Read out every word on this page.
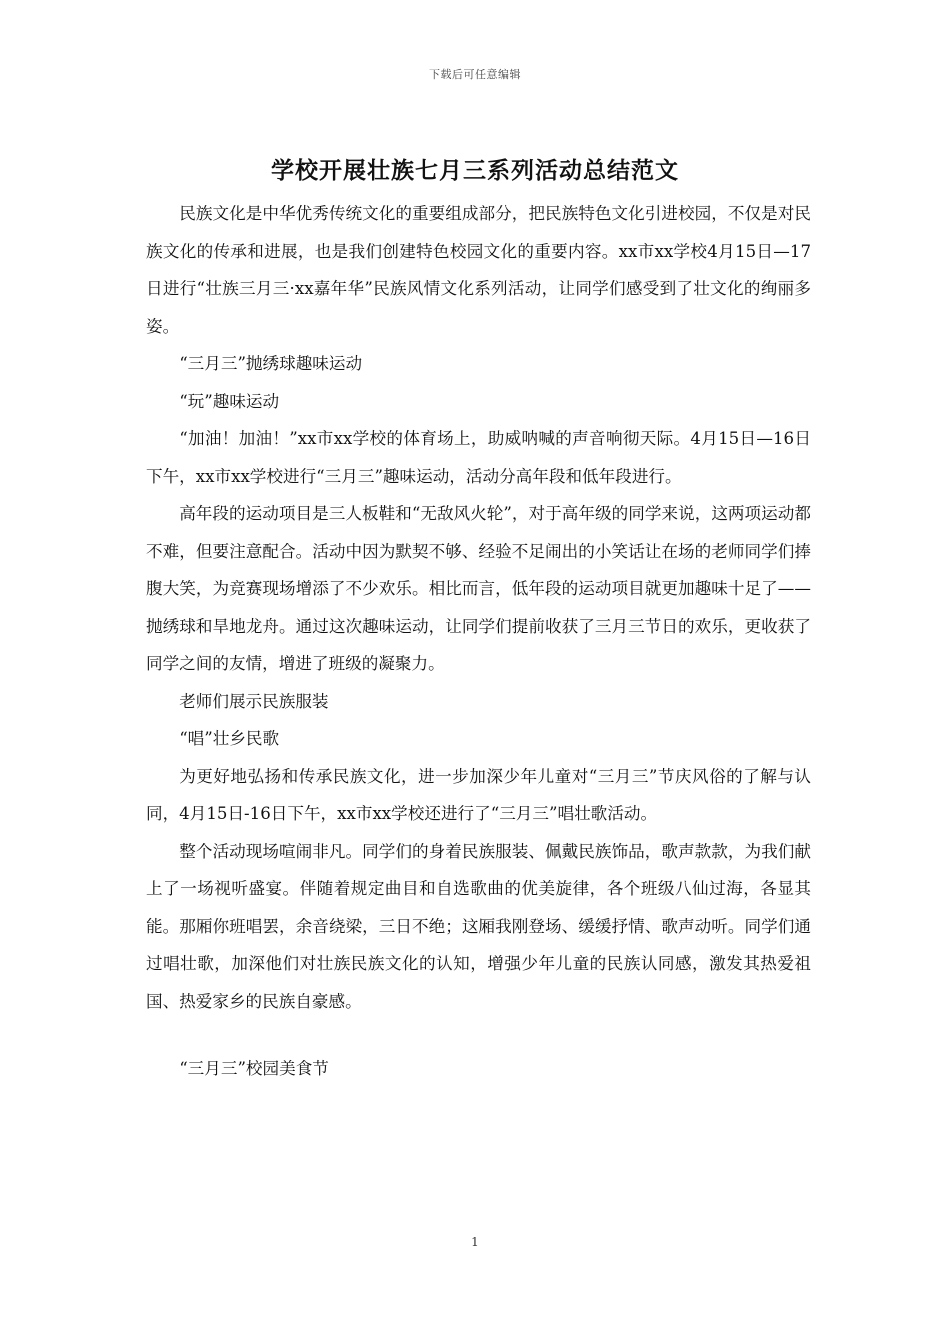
下载后可任意编辑
学校开展壮族七月三系列活动总结范文

民族文化是中华优秀传统文化的重要组成部分，把民族特色文化引进校园，不仅是对民族文化的传承和进展，也是我们创建特色校园文化的重要内容。xx市xx学校4月15日—17日进行“壮族三月三·xx嘉年华”民族风情文化系列活动，让同学们感受到了壮文化的绚丽多姿。

“三月三”抛绣球趣味运动

“玩”趣味运动

“加油！加油！”xx市xx学校的体育场上，助威呐喊的声音响彻天际。4月15日—16日下午，xx市xx学校进行“三月三”趣味运动，活动分高年段和低年段进行。

高年段的运动项目是三人板鞋和“无敌风火轮”，对于高年级的同学来说，这两项运动都不难，但要注意配合。活动中因为默契不够、经验不足闹出的小笑话让在场的老师同学们捧腹大笑，为竞赛现场增添了不少欢乐。相比而言，低年段的运动项目就更加趣味十足了——抛绣球和旱地龙舟。通过这次趣味运动，让同学们提前收获了三月三节日的欢乐，更收获了同学之间的友情，增进了班级的凝聚力。

老师们展示民族服装

“唱”壮乡民歌

为更好地弘扬和传承民族文化，进一步加深少年儿童对“三月三”节庆风俗的了解与认同，4月15日-16日下午，xx市xx学校还进行了“三月三”唱壮歌活动。

整个活动现场喧闹非凡。同学们的身着民族服装、佩戴民族饰品，歌声款款，为我们献上了一场视听盛宴。伴随着规定曲目和自选歌曲的优美旋律，各个班级八仙过海，各显其能。那厢你班唱罢，余音绕梁，三日不绝；这厢我刚登场、缓缓抒情、歌声动听。同学们通过唱壮歌，加深他们对壮族民族文化的认知，增强少年儿童的民族认同感，激发其热爱祖国、热爱家乡的民族自豪感。

“三月三”校园美食节

1
